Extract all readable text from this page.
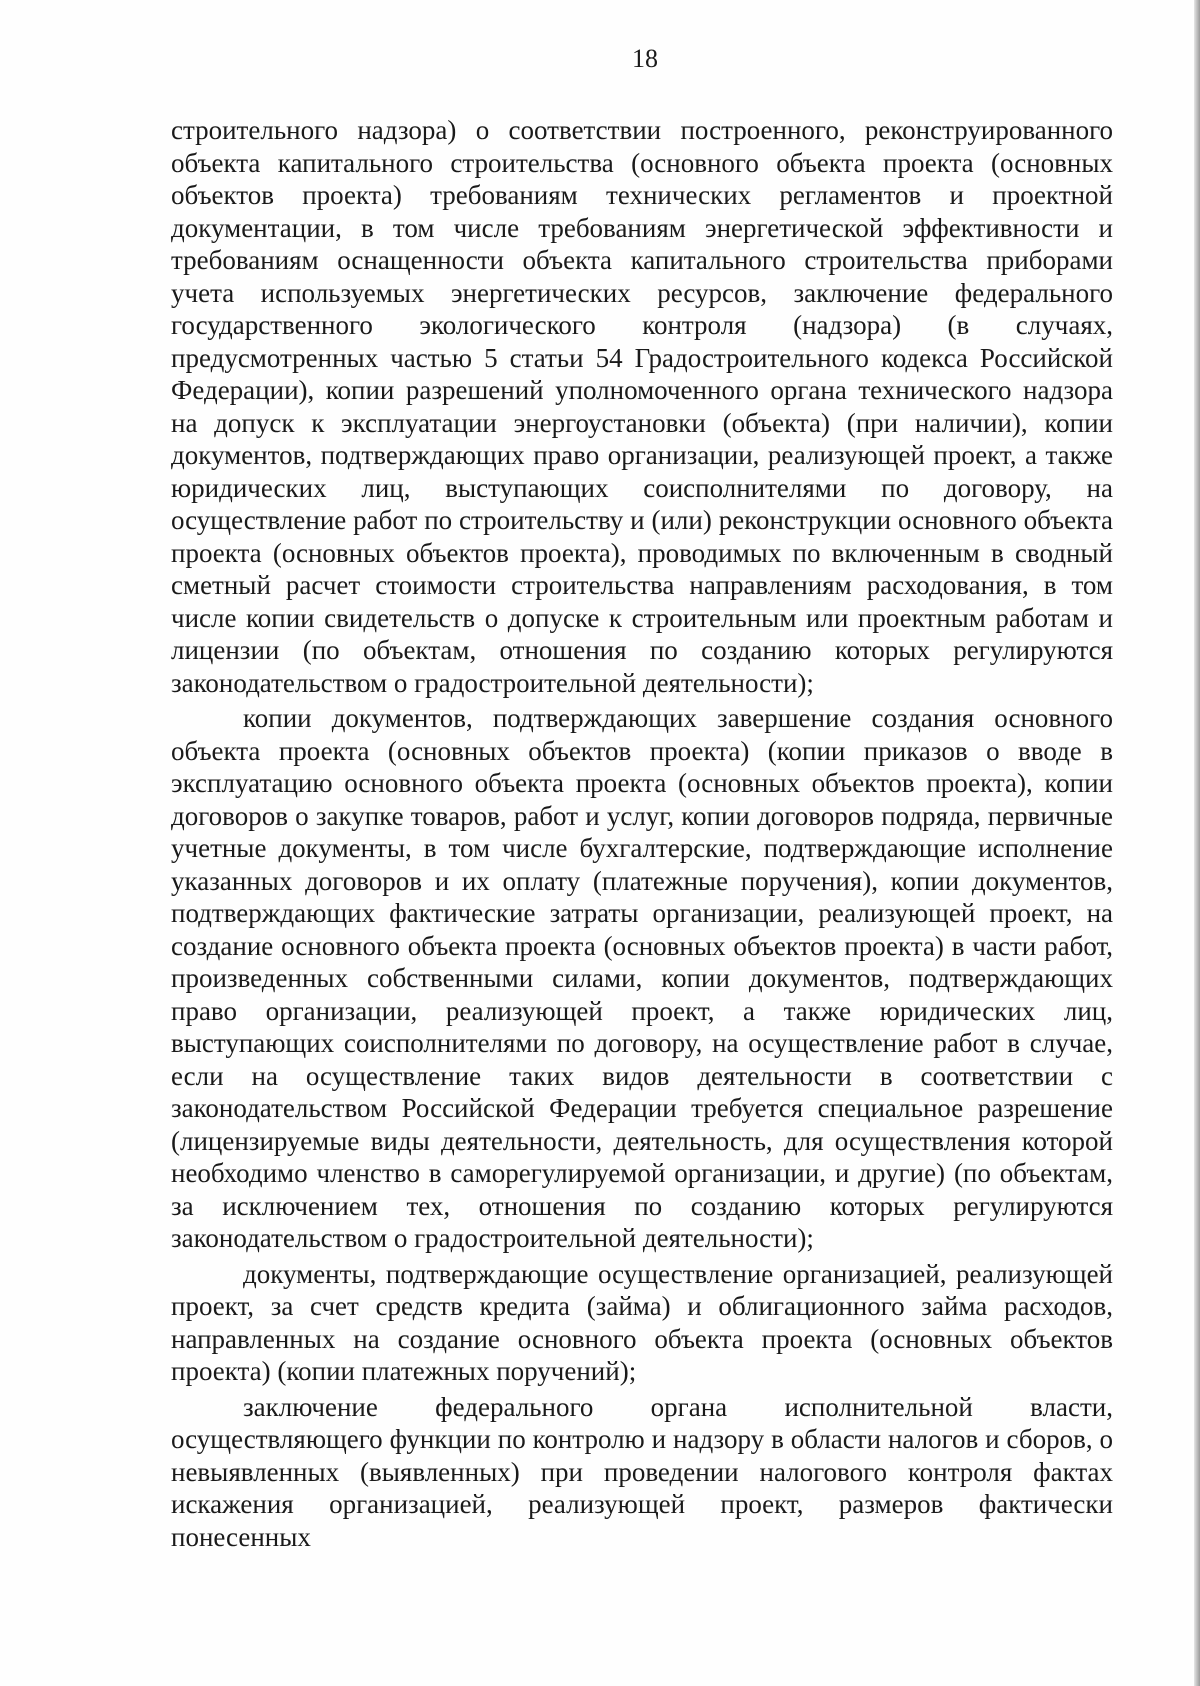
18

строительного надзора) о соответствии построенного, реконструированного объекта капитального строительства (основного объекта проекта (основных объектов проекта) требованиям технических регламентов и проектной документации, в том числе требованиям энергетической эффективности и требованиям оснащенности объекта капитального строительства приборами учета используемых энергетических ресурсов, заключение федерального государственного экологического контроля (надзора) (в случаях, предусмотренных частью 5 статьи 54 Градостроительного кодекса Российской Федерации), копии разрешений уполномоченного органа технического надзора на допуск к эксплуатации энергоустановки (объекта) (при наличии), копии документов, подтверждающих право организации, реализующей проект, а также юридических лиц, выступающих соисполнителями по договору, на осуществление работ по строительству и (или) реконструкции основного объекта проекта (основных объектов проекта), проводимых по включенным в сводный сметный расчет стоимости строительства направлениям расходования, в том числе копии свидетельств о допуске к строительным или проектным работам и лицензии (по объектам, отношения по созданию которых регулируются законодательством о градостроительной деятельности);

копии документов, подтверждающих завершение создания основного объекта проекта (основных объектов проекта) (копии приказов о вводе в эксплуатацию основного объекта проекта (основных объектов проекта), копии договоров о закупке товаров, работ и услуг, копии договоров подряда, первичные учетные документы, в том числе бухгалтерские, подтверждающие исполнение указанных договоров и их оплату (платежные поручения), копии документов, подтверждающих фактические затраты организации, реализующей проект, на создание основного объекта проекта (основных объектов проекта) в части работ, произведенных собственными силами, копии документов, подтверждающих право организации, реализующей проект, а также юридических лиц, выступающих соисполнителями по договору, на осуществление работ в случае, если на осуществление таких видов деятельности в соответствии с законодательством Российской Федерации требуется специальное разрешение (лицензируемые виды деятельности, деятельность, для осуществления которой необходимо членство в саморегулируемой организации, и другие) (по объектам, за исключением тех, отношения по созданию которых регулируются законодательством о градостроительной деятельности);

документы, подтверждающие осуществление организацией, реализующей проект, за счет средств кредита (займа) и облигационного займа расходов, направленных на создание основного объекта проекта (основных объектов проекта) (копии платежных поручений);

заключение федерального органа исполнительной власти, осуществляющего функции по контролю и надзору в области налогов и сборов, о невыявленных (выявленных) при проведении налогового контроля фактах искажения организацией, реализующей проект, размеров фактически понесенных
